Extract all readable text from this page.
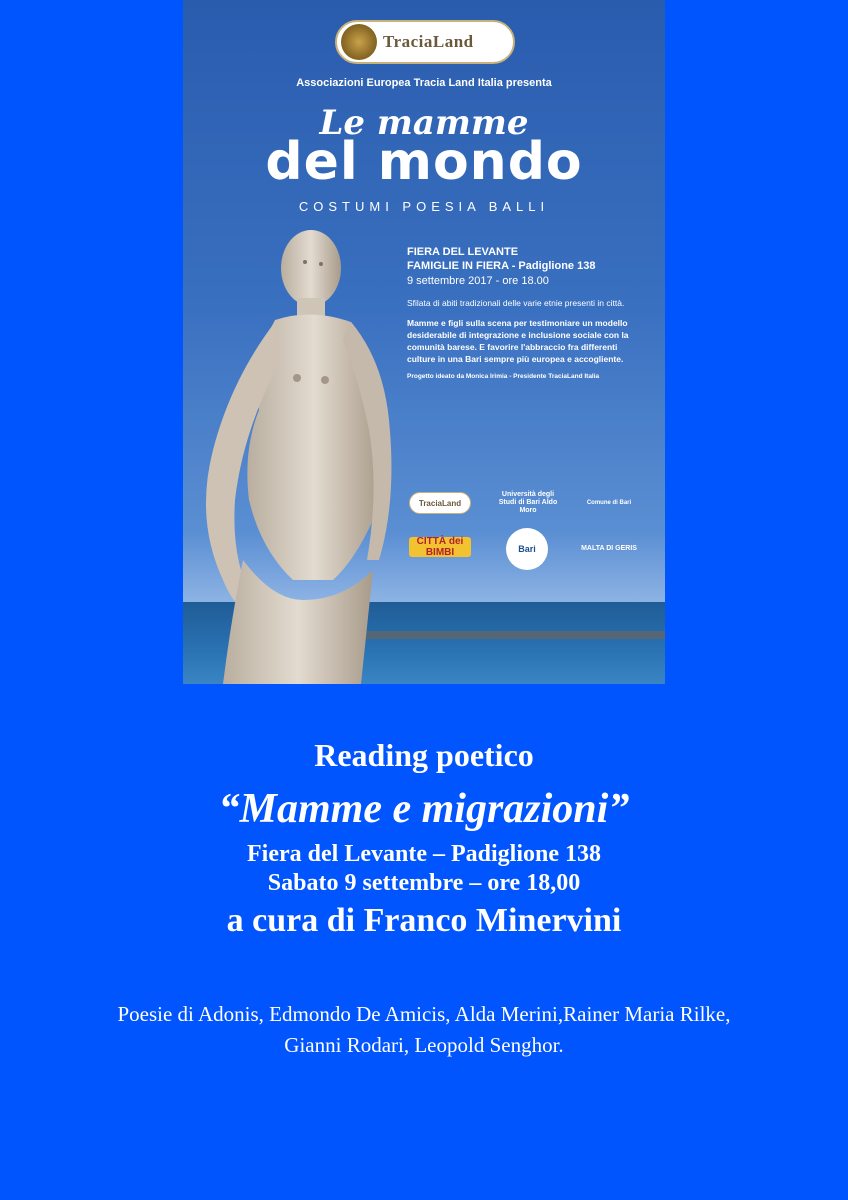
TraciaLand
Associazioni Europea Tracia Land Italia presenta
Le mamme
del mondo
COSTUMI POESIA BALLI
FIERA DEL LEVANTE
FAMIGLIE IN FIERA - Padiglione 138
9 settembre 2017 - ore 18.00
Sfilata di abiti tradizionali delle varie etnie presenti in città.
Mamme e figli sulla scena per testimoniare un modello desiderabile di integrazione e inclusione sociale con la comunità barese. E favorire l'abbraccio fra differenti culture in una Bari sempre più europea e accogliente.
Progetto ideato da Monica Irimia - Presidente TraciaLand Italia
TraciaLand
Università degli Studi di Bari Aldo Moro
Comune di Bari
CITTÀ dei BIMBI	Bari	MALTA DI GERIS
Reading poetico
“Mamme e migrazioni”
Fiera del Levante – Padiglione 138
Sabato 9 settembre – ore 18,00
a cura di Franco Minervini
Poesie di Adonis, Edmondo De Amicis, Alda Merini,Rainer Maria Rilke,
Gianni Rodari, Leopold Senghor.
